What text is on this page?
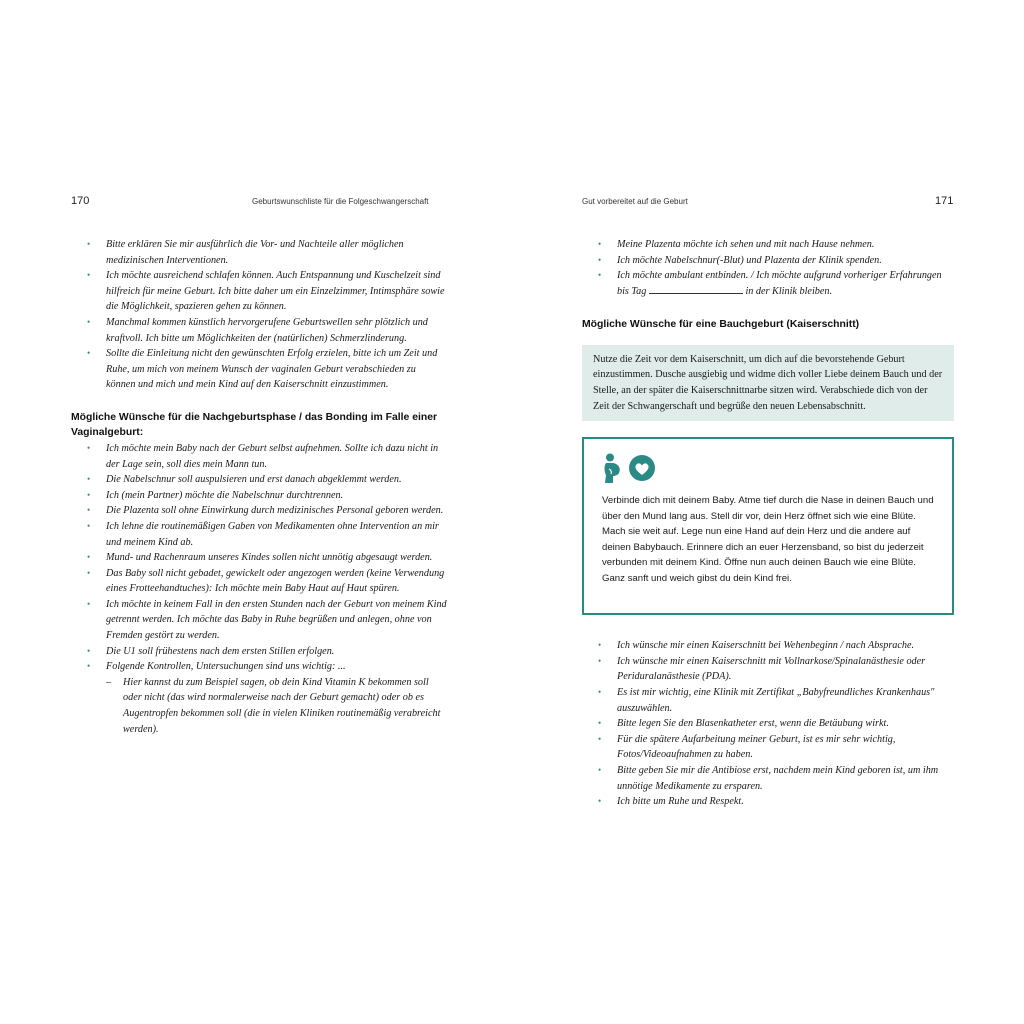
170	Geburtswunschliste für die Folgeschwangerschaft
• Bitte erklären Sie mir ausführlich die Vor- und Nachteile aller möglichen medizinischen Interventionen.
• Ich möchte ausreichend schlafen können. Auch Entspannung und Kuschelzeit sind hilfreich für meine Geburt. Ich bitte daher um ein Einzelzimmer, Intimsphäre sowie die Möglichkeit, spazieren gehen zu können.
• Manchmal kommen künstlich hervorgerufene Geburtswellen sehr plötzlich und kraftvoll. Ich bitte um Möglichkeiten der (natürlichen) Schmerzlinderung.
• Sollte die Einleitung nicht den gewünschten Erfolg erzielen, bitte ich um Zeit und Ruhe, um mich von meinem Wunsch der vaginalen Geburt verabschieden zu können und mich und mein Kind auf den Kaiserschnitt einzustimmen.
Mögliche Wünsche für die Nachgeburtsphase / das Bonding im Falle einer Vaginalgeburt:
• Ich möchte mein Baby nach der Geburt selbst aufnehmen. Sollte ich dazu nicht in der Lage sein, soll dies mein Mann tun.
• Die Nabelschnur soll auspulsieren und erst danach abgeklemmt werden.
• Ich (mein Partner) möchte die Nabelschnur durchtrennen.
• Die Plazenta soll ohne Einwirkung durch medizinisches Personal geboren werden.
• Ich lehne die routinemäßigen Gaben von Medikamenten ohne Intervention an mir und meinem Kind ab.
• Mund- und Rachenraum unseres Kindes sollen nicht unnötig abgesaugt werden.
• Das Baby soll nicht gebadet, gewickelt oder angezogen werden (keine Verwendung eines Frotteehandtuches): Ich möchte mein Baby Haut auf Haut spüren.
• Ich möchte in keinem Fall in den ersten Stunden nach der Geburt von meinem Kind getrennt werden. Ich möchte das Baby in Ruhe begrüßen und anlegen, ohne von Fremden gestört zu werden.
• Die U1 soll frühestens nach dem ersten Stillen erfolgen.
• Folgende Kontrollen, Untersuchungen sind uns wichtig: ...
– Hier kannst du zum Beispiel sagen, ob dein Kind Vitamin K bekommen soll oder nicht (das wird normalerweise nach der Geburt gemacht) oder ob es Augentropfen bekommen soll (die in vielen Kliniken routinemäßig verabreicht werden).
Gut vorbereitet auf die Geburt	171
• Meine Plazenta möchte ich sehen und mit nach Hause nehmen.
• Ich möchte Nabelschnur(-Blut) und Plazenta der Klinik spenden.
• Ich möchte ambulant entbinden. / Ich möchte aufgrund vorheriger Erfahrungen bis Tag	in der Klinik bleiben.
Mögliche Wünsche für eine Bauchgeburt (Kaiserschnitt)
Nutze die Zeit vor dem Kaiserschnitt, um dich auf die bevorstehende Geburt einzustimmen. Dusche ausgiebig und widme dich voller Liebe deinem Bauch und der Stelle, an der später die Kaiserschnittnarbe sitzen wird. Verabschiede dich von der Zeit der Schwangerschaft und begrüße den neuen Lebensabschnitt.
Verbinde dich mit deinem Baby. Atme tief durch die Nase in deinen Bauch und über den Mund lang aus. Stell dir vor, dein Herz öffnet sich wie eine Blüte. Mach sie weit auf. Lege nun eine Hand auf dein Herz und die andere auf deinen Babybauch. Erinnere dich an euer Herzensband, so bist du jederzeit verbunden mit deinem Kind. Öffne nun auch deinen Bauch wie eine Blüte. Ganz sanft und weich gibst du dein Kind frei.
• Ich wünsche mir einen Kaiserschnitt bei Wehenbeginn / nach Absprache.
• Ich wünsche mir einen Kaiserschnitt mit Vollnarkose/Spinalanästhesie oder Periduralanästhesie (PDA).
• Es ist mir wichtig, eine Klinik mit Zertifikat „Babyfreundliches Krankenhaus" auszuwählen.
• Bitte legen Sie den Blasenkatheter erst, wenn die Betäubung wirkt.
• Für die spätere Aufarbeitung meiner Geburt, ist es mir sehr wichtig, Fotos/Videoaufnahmen zu haben.
• Bitte geben Sie mir die Antibiose erst, nachdem mein Kind geboren ist, um ihm unnötige Medikamente zu ersparen.
• Ich bitte um Ruhe und Respekt.
